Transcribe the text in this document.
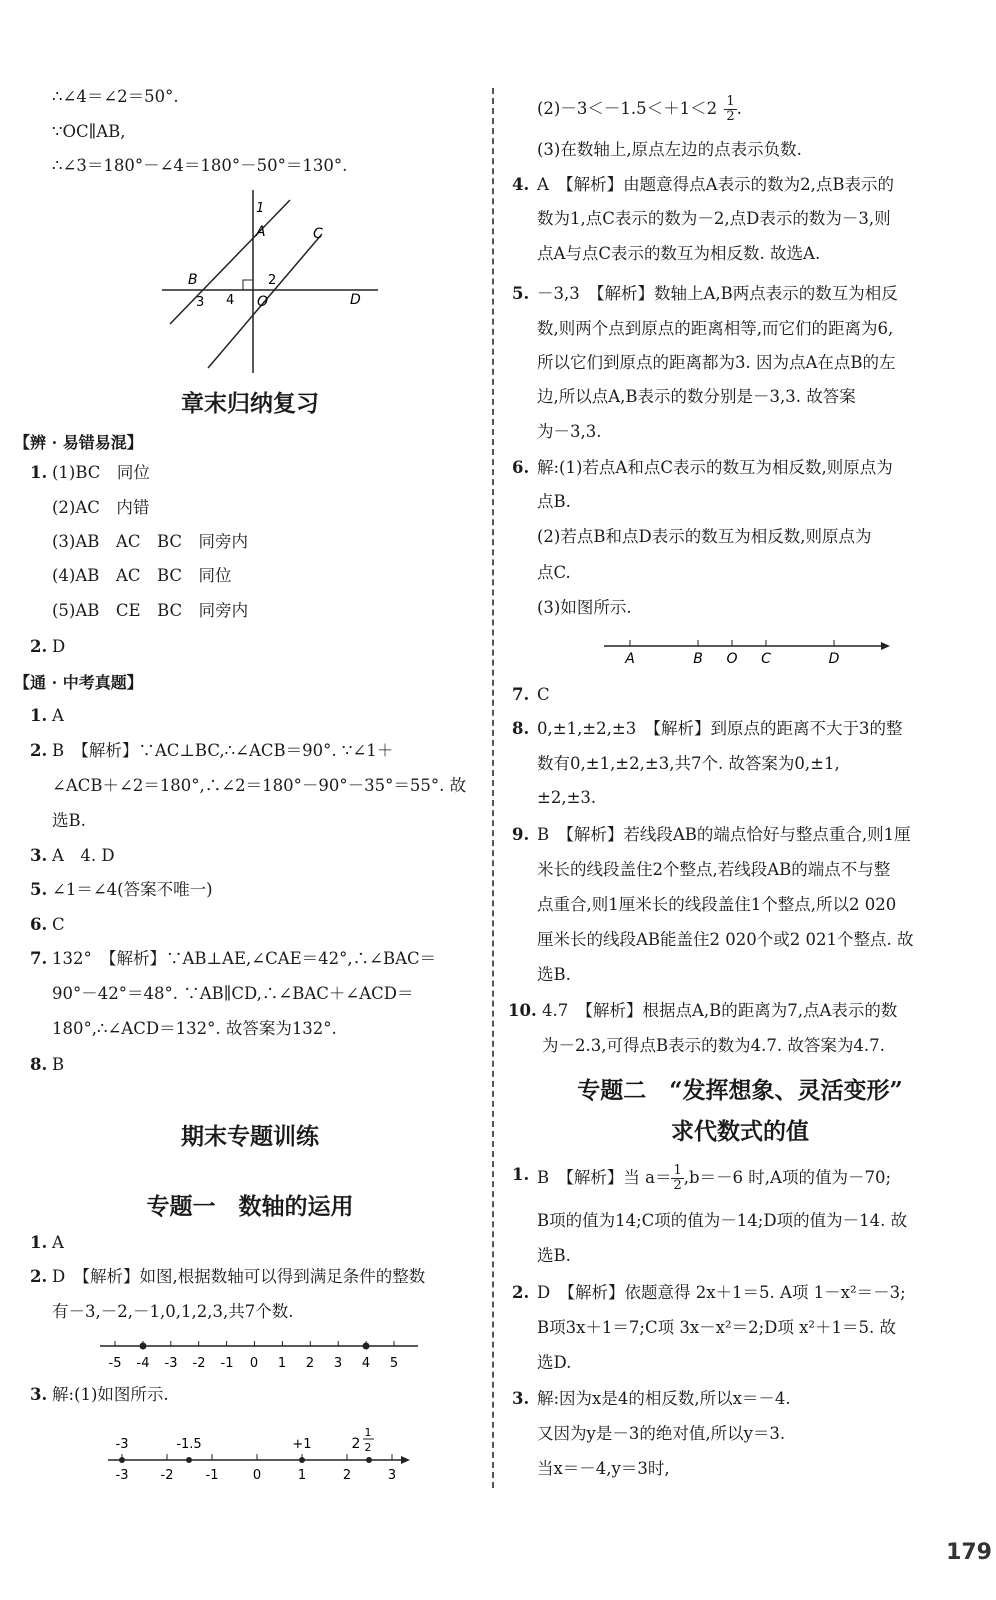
∴∠4＝∠2＝50°.
∵OC∥AB,
∴∠3＝180°－∠4＝180°－50°＝130°.
1
A	C
B	2
3 4 O	D
章末归纳复习
【辨 · 易错易混】
1. (1)BC　同位
(2)AC　内错
(3)AB　AC　BC　同旁内
(4)AB　AC　BC　同位
(5)AB　CE　BC　同旁内
2. D
【通 · 中考真题】
1. A
2. B　【解析】∵AC⊥BC,∴∠ACB＝90°. ∵∠1＋
∠ACB＋∠2＝180°,∴∠2＝180°－90°－35°＝55°. 故
选B.
3. A　4. D
5. ∠1＝∠4(答案不唯一)
6. C
7. 132°　【解析】∵AB⊥AE,∠CAE＝42°,∴∠BAC＝
90°－42°＝48°. ∵AB∥CD,∴∠BAC＋∠ACD＝
180°,∴∠ACD＝132°. 故答案为132°.
8. B
期末专题训练
专题一　数轴的运用
1. A
2. D　【解析】如图,根据数轴可以得到满足条件的整数
有－3,－2,－1,0,1,2,3,共7个数.
-5 -4 -3 -2 -1 0 1 2 3 4 5
3. 解:(1)如图所示.
-3	-1.5	+1	2
1
2
-3 -2 -1	0	1	2	3
$(2)-3<-1.5<+1<2 \frac{1}{2}$ .
(3)在数轴上,原点左边的点表示负数.
4. A　【解析】由题意得点A表示的数为2,点B表示的
数为1,点C表示的数为－2,点D表示的数为－3,则
点A与点C表示的数互为相反数. 故选A.
5. －3,3　【解析】数轴上A,B两点表示的数互为相反
数,则两个点到原点的距离相等,而它们的距离为6,
所以它们到原点的距离都为3. 因为点A在点B的左
边,所以点A,B表示的数分别是－3,3. 故答案
为－3,3.
6. 解:(1)若点A和点C表示的数互为相反数,则原点为
点B.
(2)若点B和点D表示的数互为相反数,则原点为
点C.
(3)如图所示.
A	B O C	D
7. C
8. 0,±1,±2,±3　【解析】到原点的距离不大于3的整
数有0,±1,±2,±3,共7个. 故答案为0,±1,
±2,±3.
9. B　【解析】若线段AB的端点恰好与整点重合,则1厘
米长的线段盖住2个整点,若线段AB的端点不与整
点重合,则1厘米长的线段盖住1个整点,所以2 020
厘米长的线段AB能盖住2 020个或2 021个整点. 故
选B.
10. 4.7　【解析】根据点A,B的距离为7,点A表示的数
为－2.3,可得点B表示的数为4.7. 故答案为4.7.
专题二　“发挥想象、灵活变形”
求代数式的值
1. B　【解析】当 $a= \frac{1}{2} ,b=-6$ 时,A项的值为－70;
B项的值为14;C项的值为－14;D项的值为－14. 故
选B.
2. D　【解析】依题意得 2x＋1＝5. A项 1－x²＝－3;
B项3x＋1＝7;C项 3x－x²＝2;D项 x²＋1＝5. 故
选D.
3. 解:因为x是4的相反数,所以x＝－4.
又因为y是－3的绝对值,所以y＝3.
当x＝－4,y＝3时,
179
